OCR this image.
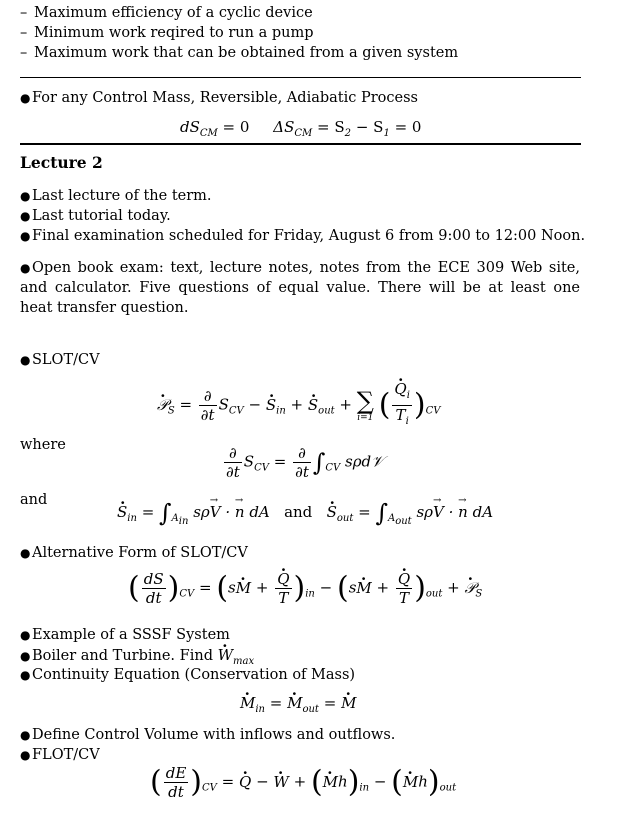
– Maximum efficiency of a cyclic device
– Minimum work reqired to run a pump
– Maximum work that can be obtained from a given system
● For any Control Mass, Reversible, Adiabatic Process
$dS_{CM} = 0$ $\Delta S_{CM} = S_2 - S_1 = 0$
Lecture 2
● Last lecture of the term.
● Last tutorial today.
● Final examination scheduled for Friday, August 6 from 9:00 to 12:00 Noon.
● Open book exam: text, lecture notes, notes from the ECE 309 Web site, and calculator. Five questions of equal value. There will be at least one heat transfer question.
● SLOT/CV
· 𝒫$_S$ = $\frac{\partial}{\partial t} S_{CV}$ − · $S_{in}$ + · $S_{out}$ + ∑
i=1 ( · $\frac{Q_i}{T_i} )_{CV}$
where	$\frac{\partial}{\partial t} S_{CV} = \frac{\partial}{\partial t} \int_{CV}$ sρd𝒱
and
· $S_{in} = \int_{A_{in}}$ sρ→ V · → n dA   and · $S_{out} = \int_{A_{out}}$ sρ→ V · → n dA
● Alternative Form of SLOT/CV
( $\frac{dS}{dt} )_{CV} = (s\cdot M$ + · $\frac{Q}{T} )_{in} - (s\cdot M$ + · $\frac{Q}{T} )_{out}$ + · 𝒫$_S$
● Example of a SSSF System
● Boiler and Turbine. Find · $W_{max}$
● Continuity Equation (Conservation of Mass)
· $M_{in}$ = · $M_{out}$ = · M
● Define Control Volume with inflows and outflows.
● FLOT/CV
( $\frac{dE}{dt} )_{CV}$ = · Q − · W + (· $Mh)_{in}$ − (· $Mh)_{out}$
